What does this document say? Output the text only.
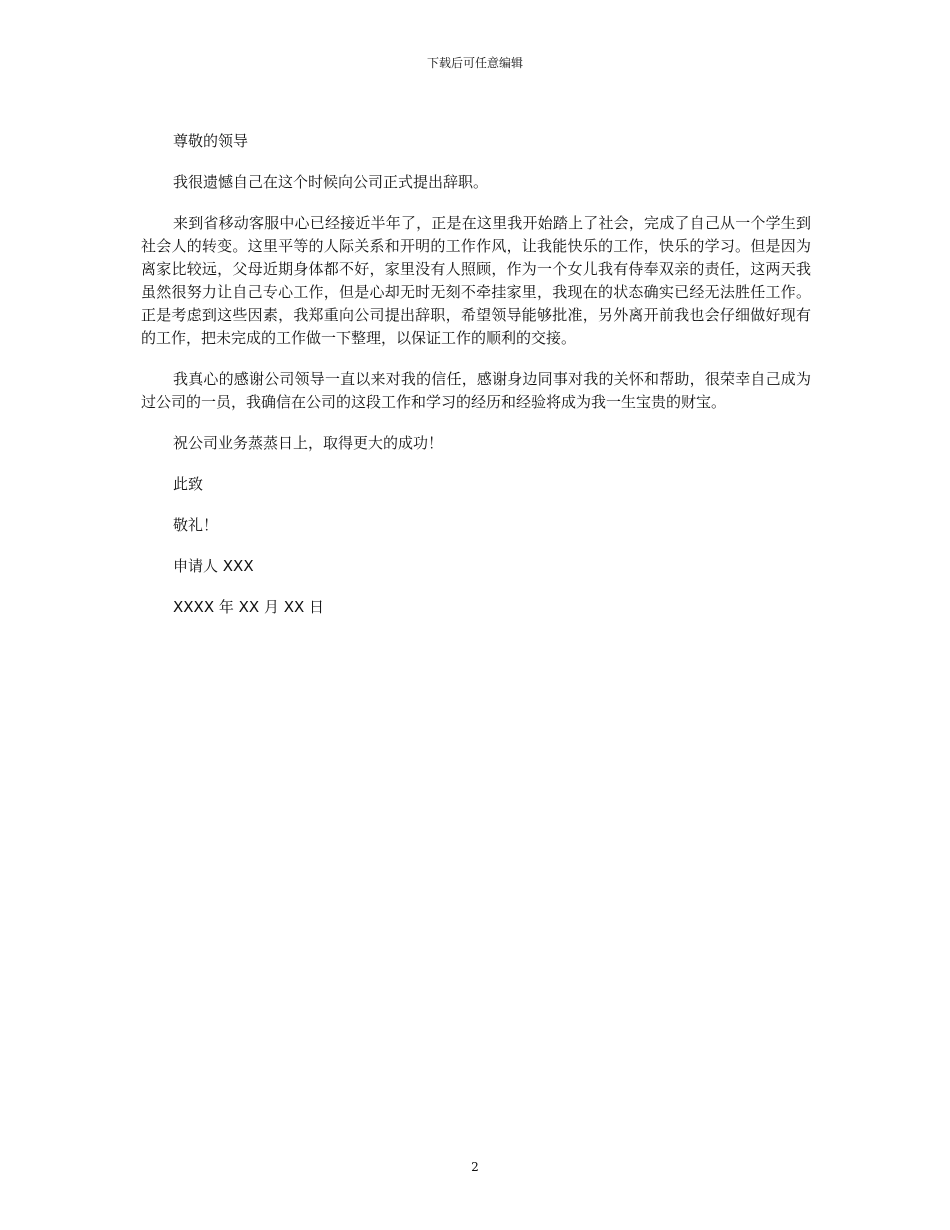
下载后可任意编辑

尊敬的领导

我很遗憾自己在这个时候向公司正式提出辞职。

来到省移动客服中心已经接近半年了，正是在这里我开始踏上了社会，完成了自己从一个学生到社会人的转变。这里平等的人际关系和开明的工作作风，让我能快乐的工作，快乐的学习。但是因为离家比较远，父母近期身体都不好，家里没有人照顾，作为一个女儿我有侍奉双亲的责任，这两天我虽然很努力让自己专心工作，但是心却无时无刻不牵挂家里，我现在的状态确实已经无法胜任工作。正是考虑到这些因素，我郑重向公司提出辞职，希望领导能够批准，另外离开前我也会仔细做好现有的工作，把未完成的工作做一下整理，以保证工作的顺利的交接。

我真心的感谢公司领导一直以来对我的信任，感谢身边同事对我的关怀和帮助，很荣幸自己成为过公司的一员，我确信在公司的这段工作和学习的经历和经验将成为我一生宝贵的财宝。

祝公司业务蒸蒸日上，取得更大的成功！

此致

敬礼！

申请人 XXX

XXXX 年 XX 月 XX 日

2
